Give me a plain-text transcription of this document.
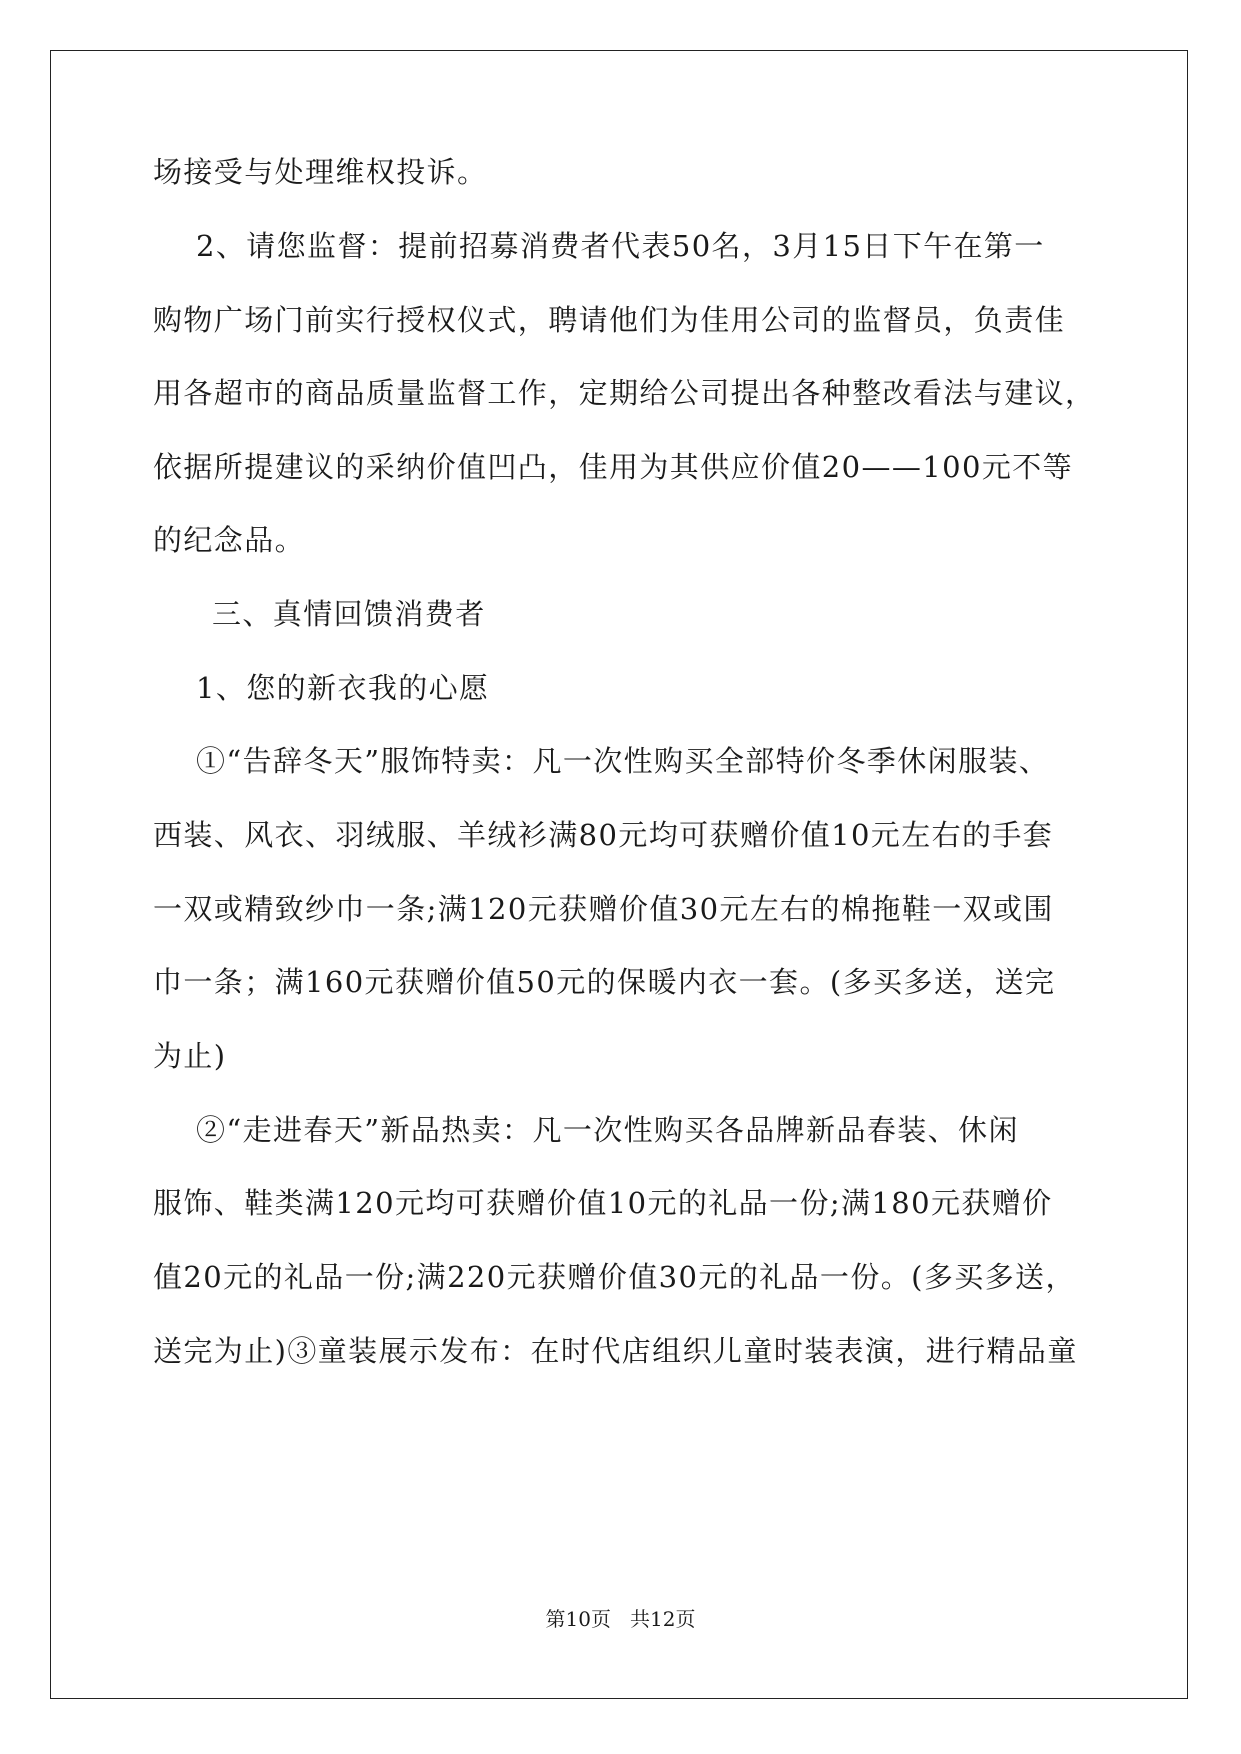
场接受与处理维权投诉。
2、请您监督：提前招募消费者代表50名，3月15日下午在第一
购物广场门前实行授权仪式，聘请他们为佳用公司的监督员，负责佳
用各超市的商品质量监督工作，定期给公司提出各种整改看法与建议，
依据所提建议的采纳价值凹凸，佳用为其供应价值20——100元不等
的纪念品。
三、真情回馈消费者
1、您的新衣我的心愿
①“告辞冬天”服饰特卖：凡一次性购买全部特价冬季休闲服装、
西装、风衣、羽绒服、羊绒衫满80元均可获赠价值10元左右的手套
一双或精致纱巾一条;满120元获赠价值30元左右的棉拖鞋一双或围
巾一条；满160元获赠价值50元的保暖内衣一套。(多买多送，送完
为止)
②“走进春天”新品热卖：凡一次性购买各品牌新品春装、休闲
服饰、鞋类满120元均可获赠价值10元的礼品一份;满180元获赠价
值20元的礼品一份;满220元获赠价值30元的礼品一份。(多买多送，
送完为止)③童装展示发布：在时代店组织儿童时装表演，进行精品童
第10页   共12页
